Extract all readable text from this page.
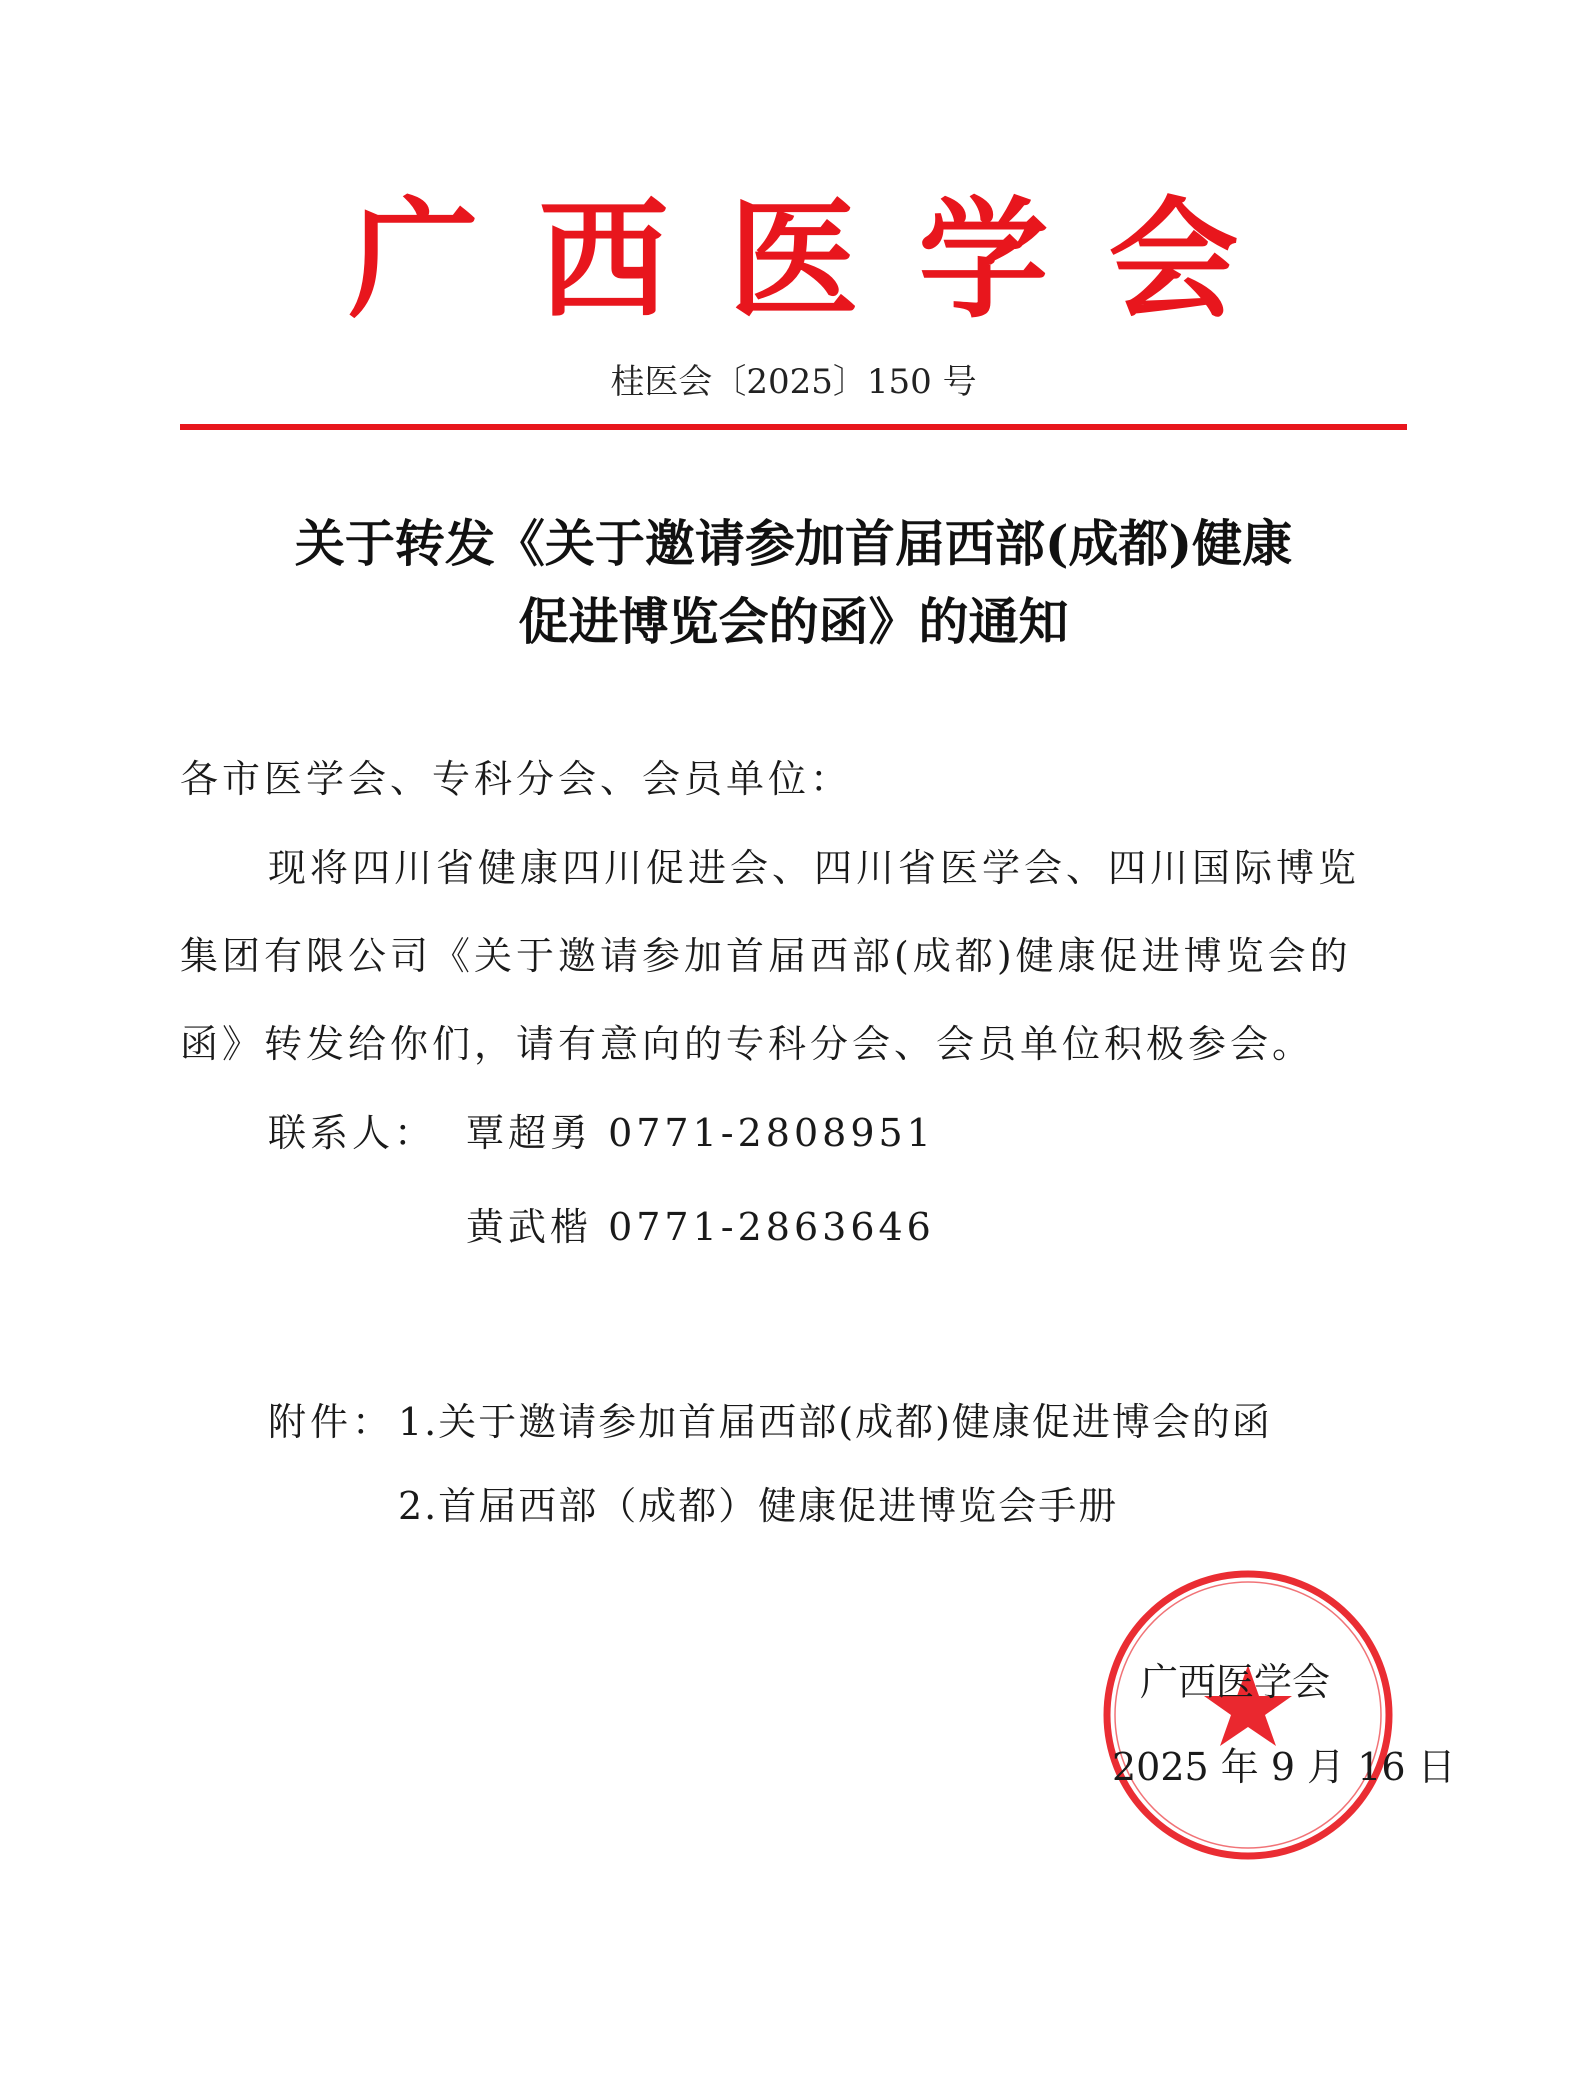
广西医学会
桂医会〔2025〕150 号
关于转发《关于邀请参加首届西部(成都)健康
促进博览会的函》的通知
各市医学会、专科分会、会员单位：
现将四川省健康四川促进会、四川省医学会、四川国际博览
集团有限公司《关于邀请参加首届西部(成都)健康促进博览会的
函》转发给你们，请有意向的专科分会、会员单位积极参会。
联系人： 覃超勇 0771-2808951
黄武楷 0771-2863646
附件： 1.关于邀请参加首届西部(成都)健康促进博会的函
2.首届西部（成都）健康促进博览会手册
广西医学会
2025 年 9 月 16 日
